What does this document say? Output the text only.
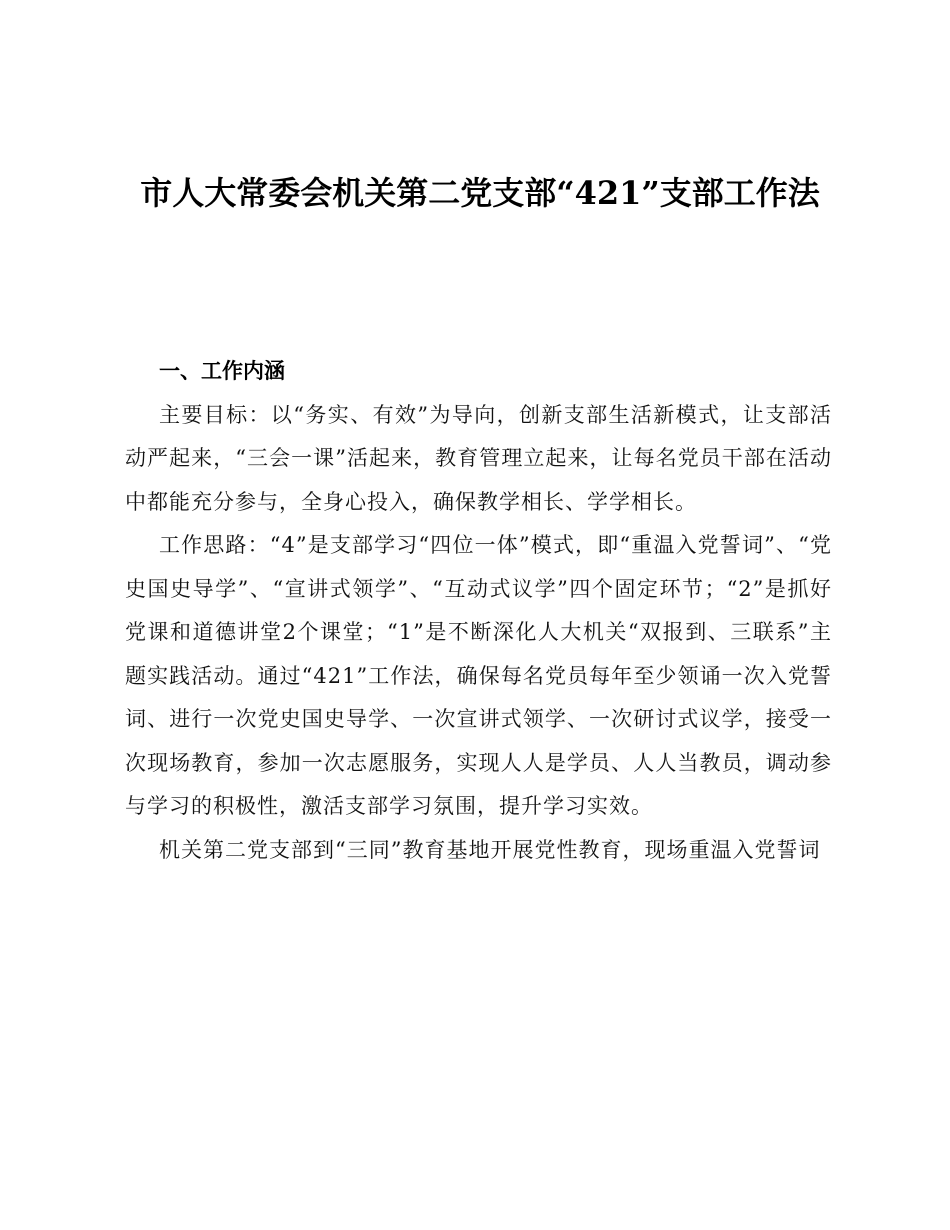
市人大常委会机关第二党支部“421”支部工作法
一、工作内涵

主要目标：以“务实、有效”为导向，创新支部生活新模式，让支部活动严起来，“三会一课”活起来，教育管理立起来，让每名党员干部在活动中都能充分参与，全身心投入，确保教学相长、学学相长。

工作思路：“4”是支部学习“四位一体”模式，即“重温入党誓词”、“党史国史导学”、“宣讲式领学”、“互动式议学”四个固定环节；“2”是抓好党课和道德讲堂2个课堂；“1”是不断深化人大机关“双报到、三联系”主题实践活动。通过“421”工作法，确保每名党员每年至少领诵一次入党誓词、进行一次党史国史导学、一次宣讲式领学、一次研讨式议学，接受一次现场教育，参加一次志愿服务，实现人人是学员、人人当教员，调动参与学习的积极性，激活支部学习氛围，提升学习实效。

机关第二党支部到“三同”教育基地开展党性教育，现场重温入党誓词
